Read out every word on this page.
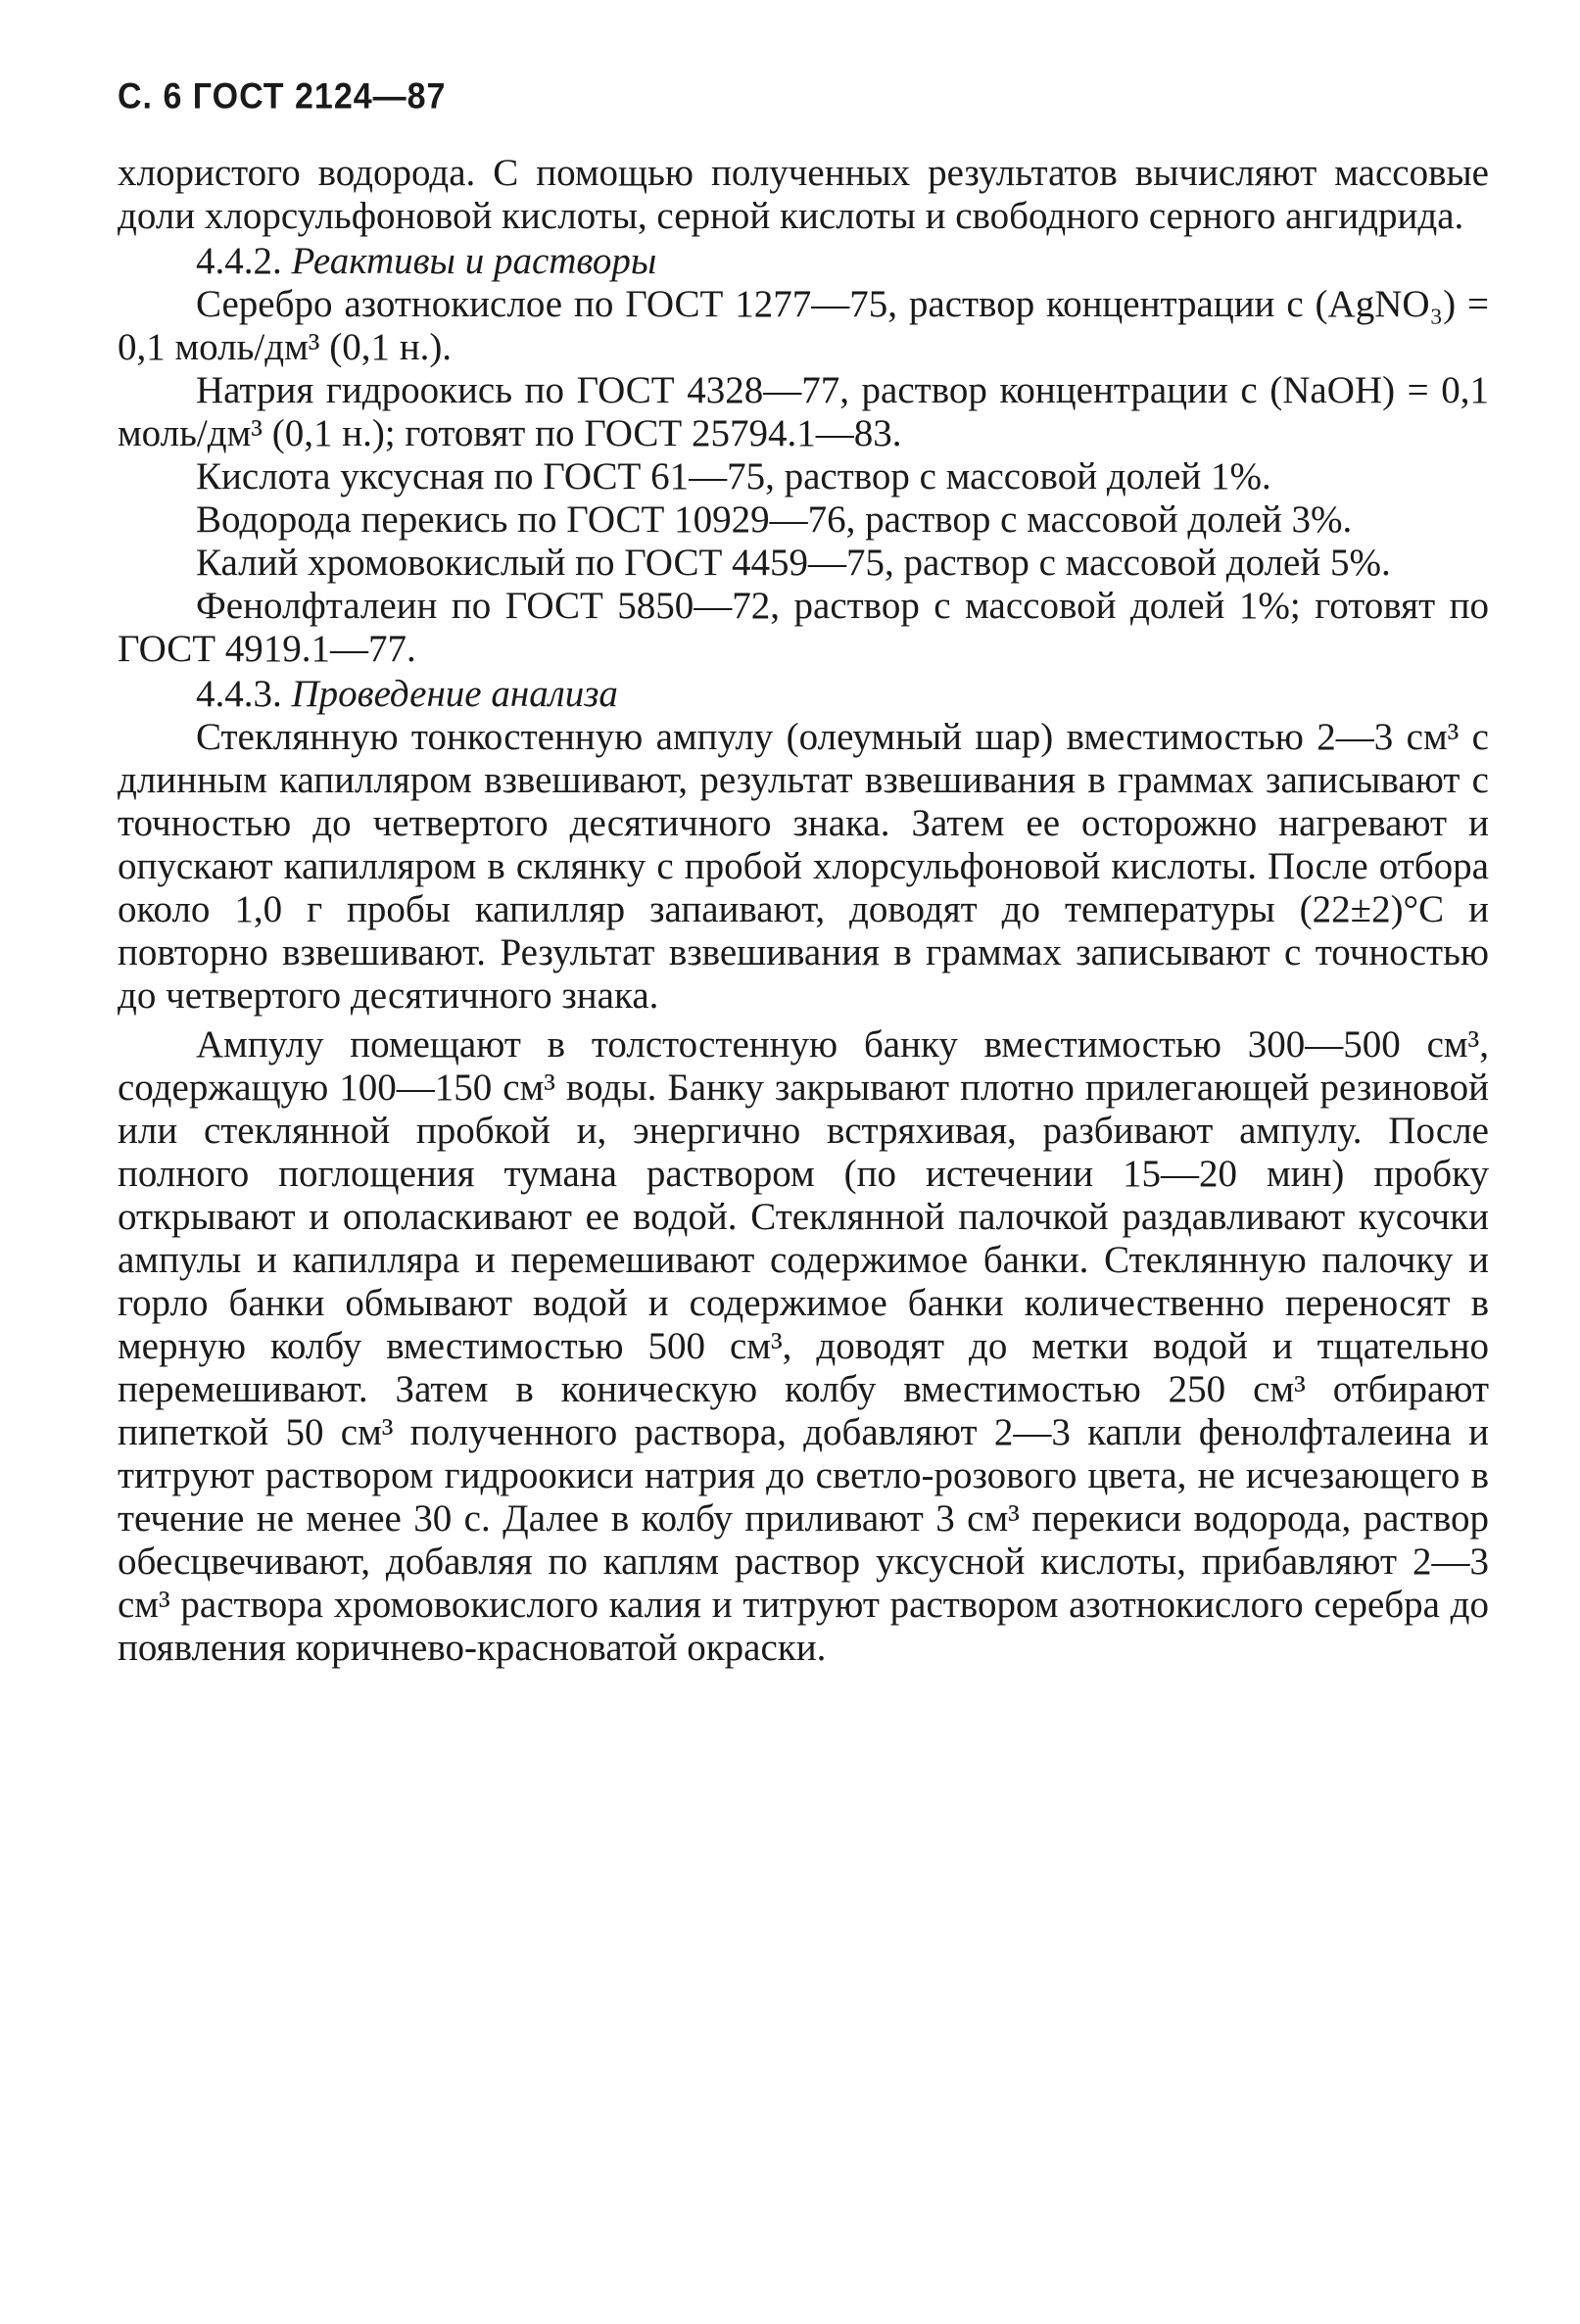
С. 6 ГОСТ 2124—87

хлористого водорода. С помощью полученных результатов вычисляют массовые доли хлорсульфоновой кислоты, серной кислоты и свободного серного ангидрида.

4.4.2. Реактивы и растворы

Серебро азотнокислое по ГОСТ 1277—75, раствор концентрации c (AgNO₃) = 0,1 моль/дм³ (0,1 н.).

Натрия гидроокись по ГОСТ 4328—77, раствор концентрации c (NaOH) = 0,1 моль/дм³ (0,1 н.); готовят по ГОСТ 25794.1—83.

Кислота уксусная по ГОСТ 61—75, раствор с массовой долей 1%.

Водорода перекись по ГОСТ 10929—76, раствор с массовой долей 3%.

Калий хромовокислый по ГОСТ 4459—75, раствор с массовой долей 5%.

Фенолфталеин по ГОСТ 5850—72, раствор с массовой долей 1%; готовят по ГОСТ 4919.1—77.

4.4.3. Проведение анализа

Стеклянную тонкостенную ампулу (олеумный шар) вместимостью 2—3 см³ с длинным капилляром взвешивают, результат взвешивания в граммах записывают с точностью до четвертого десятичного знака. Затем ее осторожно нагревают и опускают капилляром в склянку с пробой хлорсульфоновой кислоты. После отбора около 1,0 г пробы капилляр запаивают, доводят до температуры (22±2)°С и повторно взвешивают. Результат взвешивания в граммах записывают с точностью до четвертого десятичного знака.

Ампулу помещают в толстостенную банку вместимостью 300—500 см³, содержащую 100—150 см³ воды. Банку закрывают плотно прилегающей резиновой или стеклянной пробкой и, энергично встряхивая, разбивают ампулу. После полного поглощения тумана раствором (по истечении 15—20 мин) пробку открывают и ополаскивают ее водой. Стеклянной палочкой раздавливают кусочки ампулы и капилляра и перемешивают содержимое банки. Стеклянную палочку и горло банки обмывают водой и содержимое банки количественно переносят в мерную колбу вместимостью 500 см³, доводят до метки водой и тщательно перемешивают. Затем в коническую колбу вместимостью 250 см³ отбирают пипеткой 50 см³ полученного раствора, добавляют 2—3 капли фенолфталеина и титруют раствором гидроокиси натрия до светло-розового цвета, не исчезающего в течение не менее 30 с. Далее в колбу приливают 3 см³ перекиси водорода, раствор обесцвечивают, добавляя по каплям раствор уксусной кислоты, прибавляют 2—3 см³ раствора хромовокислого калия и титруют раствором азотнокислого серебра до появления коричнево-красноватой окраски.
